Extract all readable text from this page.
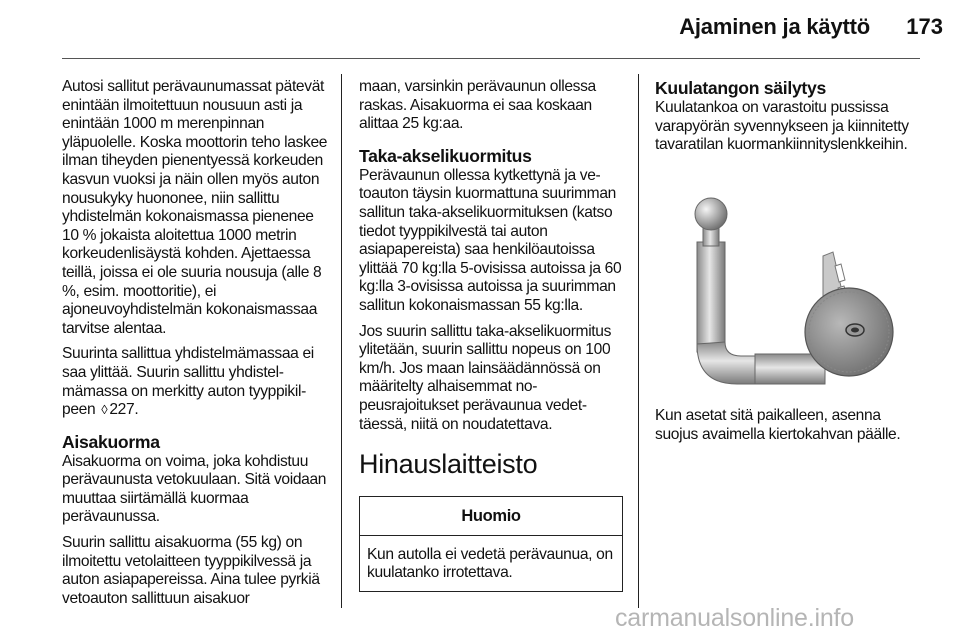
Ajaminen ja käyttö	173

Autosi sallitut perävaunumassat pätevät enintään ilmoitettuun nousuun asti ja enintään 1000 m merenpinnan yläpuolelle. Koska moottorin teho laskee ilman tiheyden pienentyessä korkeuden kasvun vuoksi ja näin ollen myös auton nousukyky huononee, niin sallittu yhdistelmän kokonaismassa pienenee 10 % jokaista aloitettua 1000 metrin korkeudenlisäystä kohden. Ajettaessa teillä, joissa ei ole suuria nousuja (alle 8 %, esim. moottoritie), ei ajoneuvoyhdistelmän kokonaismassaa tarvitse alentaa.

Suurinta sallittua yhdistelmämassaa ei saa ylittää. Suurin sallittu yhdistelmämassa on merkitty auton tyyppikilpeen ◊ 227.

Aisakuorma

Aisakuorma on voima, joka kohdistuu perävaunusta vetokuulaan. Sitä voidaan muuttaa siirtämällä kuormaa perävaunussa.

Suurin sallittu aisakuorma (55 kg) on ilmoitettu vetolaitteen tyyppikilvessä ja auton asiapapereissa. Aina tulee pyrkiä vetoauton sallittuun aisakuor

maan, varsinkin perävaunun ollessa raskas. Aisakuorma ei saa koskaan alittaa 25 kg:aa.

Taka-akselikuormitus

Perävaunun ollessa kytkettynä ja vetoauton täysin kuormattuna suurimman sallitun taka-akselikuormituksen (katso tiedot tyyppikilvestä tai auton asiapapereista) saa henkilöautoissa ylittää 70 kg:lla 5-ovisissa autoissa ja 60 kg:lla 3-ovisissa autoissa ja suurimman sallitun kokonaismassan 55 kg:lla.

Jos suurin sallittu taka-akselikuormitus ylitetään, suurin sallittu nopeus on 100 km/h. Jos maan lainsäädännössä on määritelty alhaisemmat nopeusrajoitukset perävaunua vedettäessä, niitä on noudatettava.

Hinauslaitteisto
Huomio
Kun autolla ei vedetä perävaunua, on kuulatanko irrotettava.
Kuulatangon säilytys

Kuulatankoa on varastoitu pussissa varapyörän syvennykseen ja kiinnitetty tavaratilan kuormankiinnityslenkkeihin.

Kun asetat sitä paikalleen, asenna suojus avaimella kiertokahvan päälle.

carmanualsonline.info
